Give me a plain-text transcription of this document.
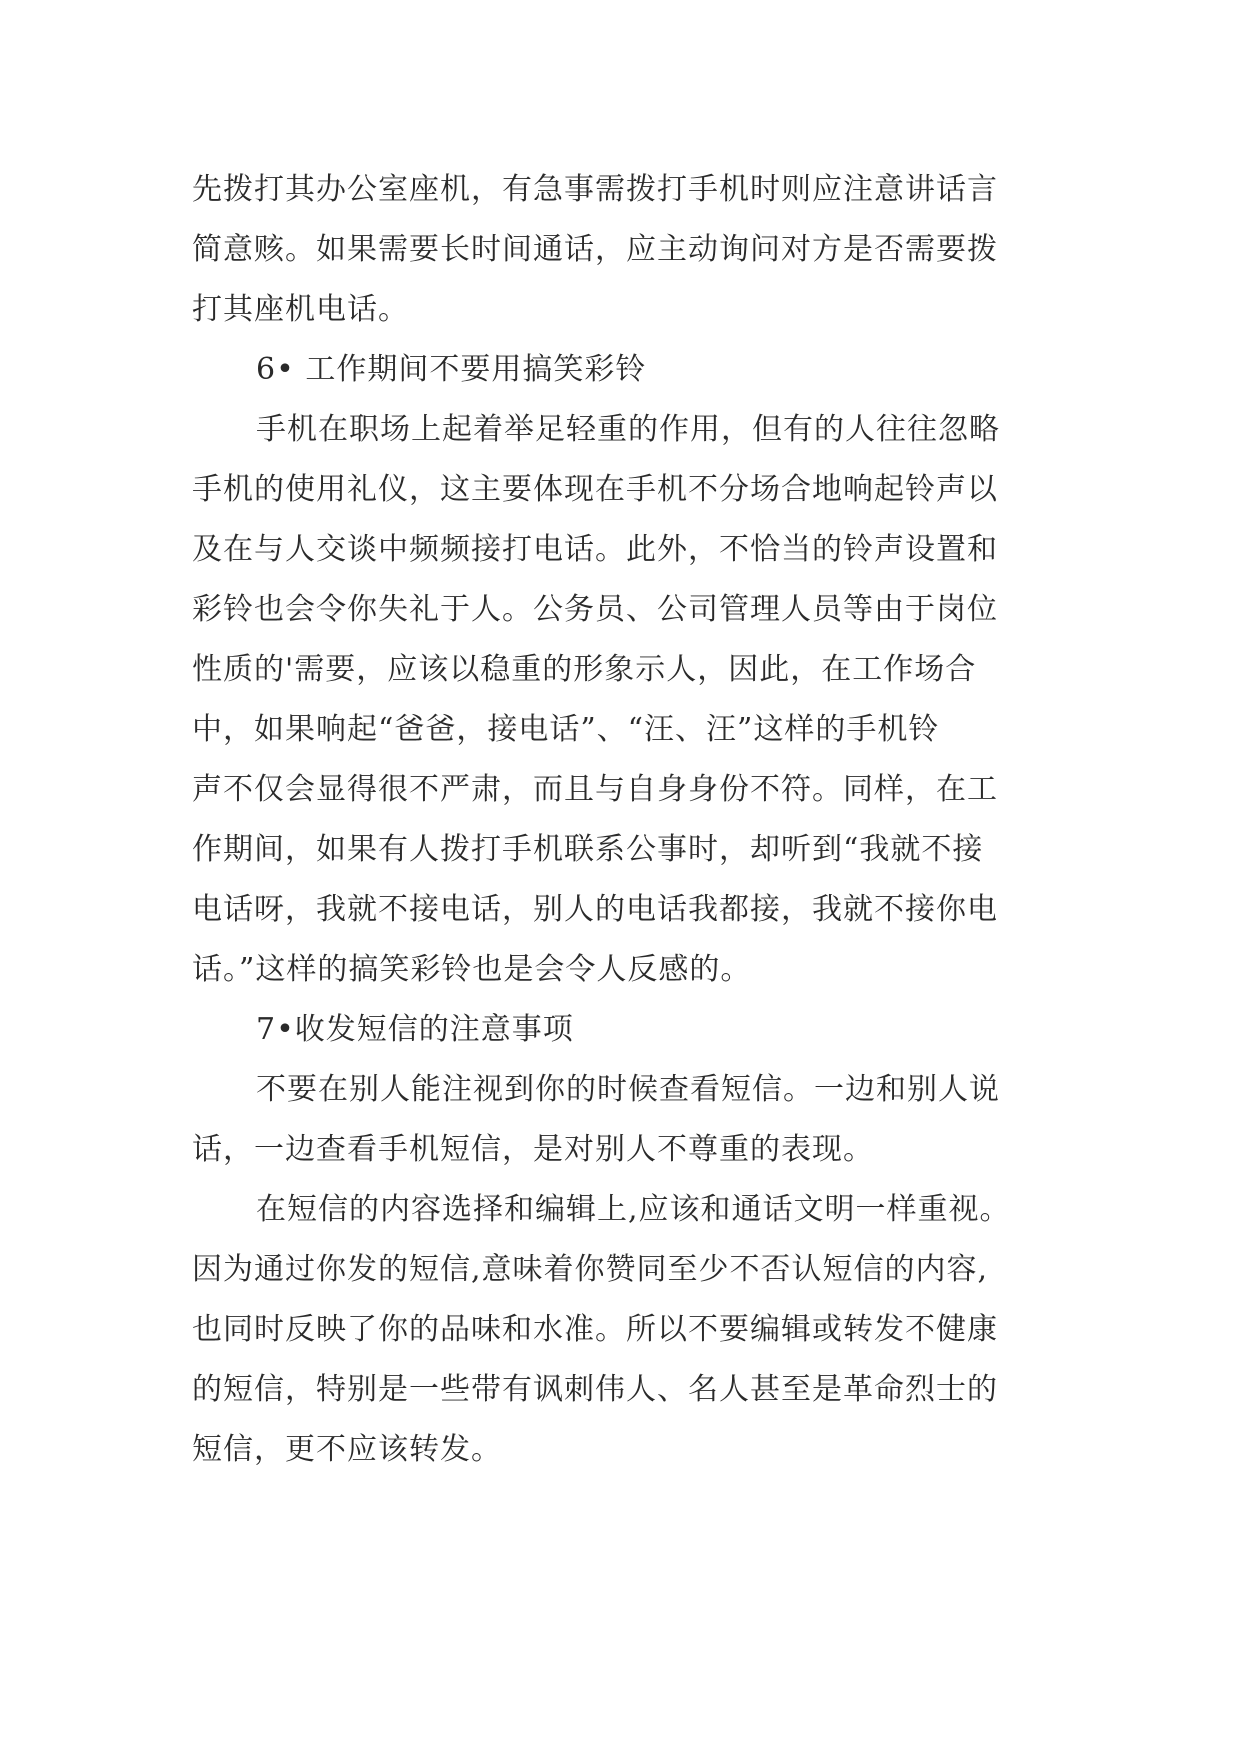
先拨打其办公室座机，有急事需拨打手机时则应注意讲话言
简意赅。如果需要长时间通话，应主动询问对方是否需要拨
打其座机电话。
6• 工作期间不要用搞笑彩铃
手机在职场上起着举足轻重的作用，但有的人往往忽略
手机的使用礼仪，这主要体现在手机不分场合地响起铃声以
及在与人交谈中频频接打电话。此外，不恰当的铃声设置和
彩铃也会令你失礼于人。公务员、公司管理人员等由于岗位
性质的'需要，应该以稳重的形象示人，因此，在工作场合
中，如果响起“爸爸，接电话”、“汪、汪”这样的手机铃
声不仅会显得很不严肃，而且与自身身份不符。同样，在工
作期间，如果有人拨打手机联系公事时，却听到“我就不接
电话呀，我就不接电话，别人的电话我都接，我就不接你电
话。”这样的搞笑彩铃也是会令人反感的。
7•收发短信的注意事项
不要在别人能注视到你的时候查看短信。一边和别人说
话，一边查看手机短信，是对别人不尊重的表现。
在短信的内容选择和编辑上,应该和通话文明一样重视。
因为通过你发的短信,意味着你赞同至少不否认短信的内容,
也同时反映了你的品味和水准。所以不要编辑或转发不健康
的短信，特别是一些带有讽刺伟人、名人甚至是革命烈士的
短信，更不应该转发。
